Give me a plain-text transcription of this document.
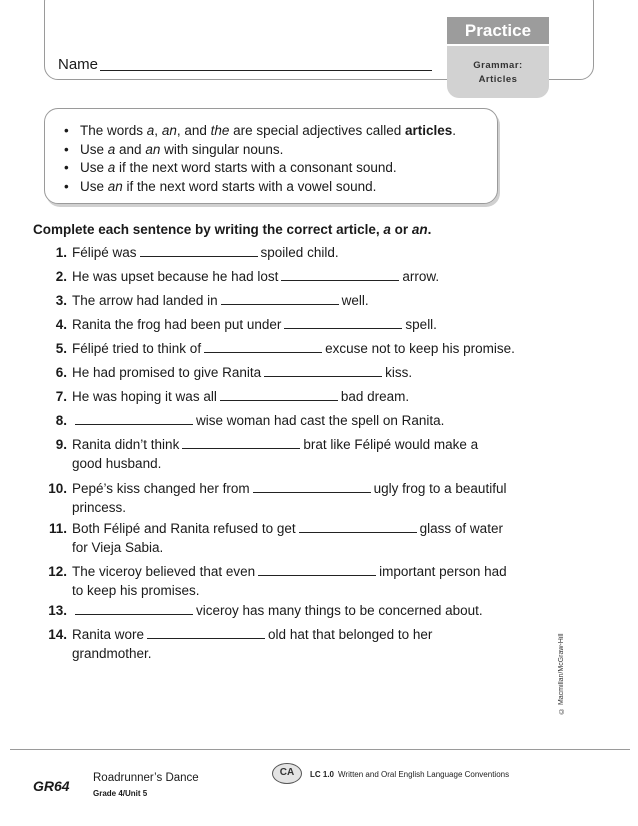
Name
Practice
Grammar:
Articles
• The words a, an, and the are special adjectives called articles.
• Use a and an with singular nouns.
• Use a if the next word starts with a consonant sound.
• Use an if the next word starts with a vowel sound.
Complete each sentence by writing the correct article, a or an.
1. Félipé was	spoiled child.
2. He was upset because he had lost	arrow.
3. The arrow had landed in	well.
4. Ranita the frog had been put under	spell.
5. Félipé tried to think of	excuse not to keep his promise.
6. He had promised to give Ranita	kiss.
7. He was hoping it was all	bad dream.
8.	wise woman had cast the spell on Ranita.
9. Ranita didn’t think	brat like Félipé would make a
good husband.
10. Pepé’s kiss changed her from	ugly frog to a beautiful
princess.
11. Both Félipé and Ranita refused to get	glass of water
for Vieja Sabia.
12. The viceroy believed that even	important person had
to keep his promises.
13.	viceroy has many things to be concerned about.
14. Ranita wore	old hat that belonged to her
grandmother.	© Macmillan/McGraw-Hill
GR64 Roadrunner’s Dance
Grade 4/Unit 5
CA	LC 1.0 Written and Oral English Language Conventions
